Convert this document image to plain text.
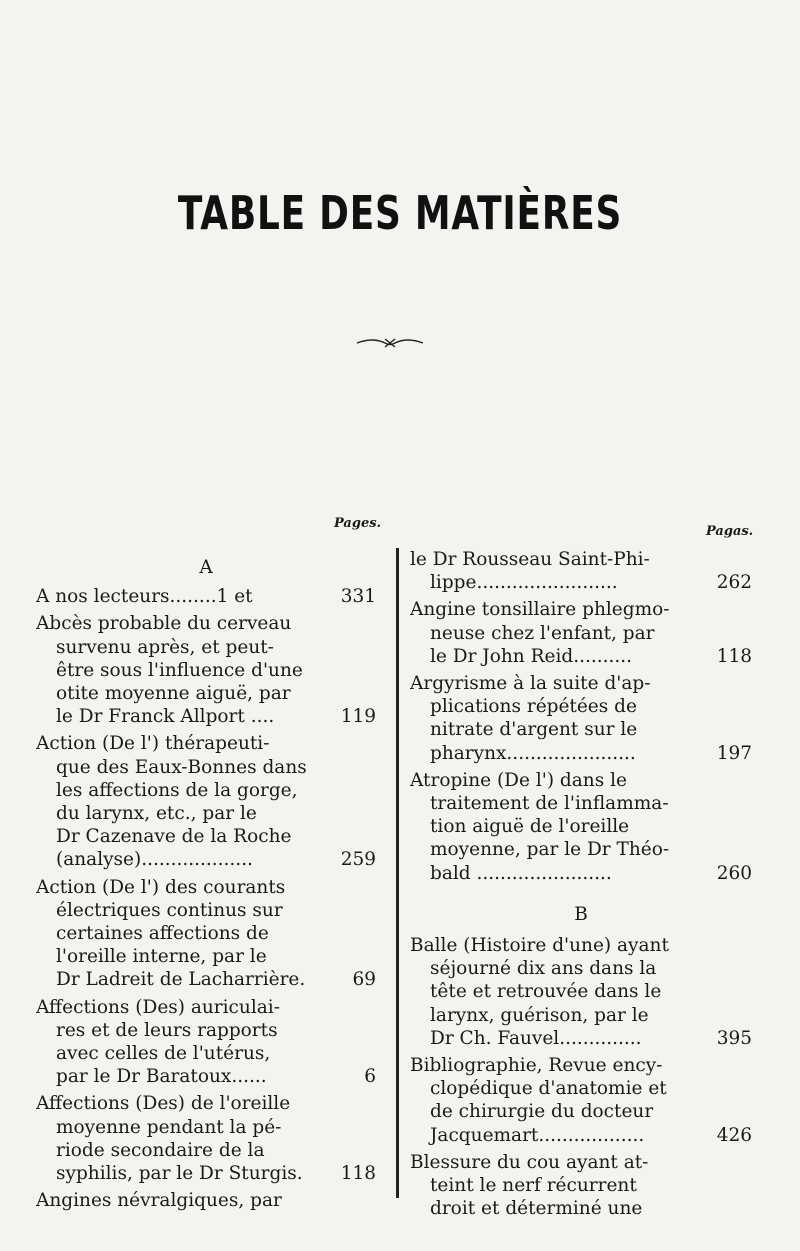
TABLE DES MATIÈRES
Pages.
Pagas.
A
331
A nos lecteurs........1 et
Abcès probable du cerveau
survenu après, et peut-
être sous l'influence d'une
otite moyenne aiguë, par
119
le Dr Franck Allport ....
Action (De l') thérapeuti-
que des Eaux-Bonnes dans
les affections de la gorge,
du larynx, etc., par le
Dr Cazenave de la Roche
259
(analyse)...................
Action (De l') des courants
électriques continus sur
certaines affections de
l'oreille interne, par le
69
Dr Ladreit de Lacharrière.
Affections (Des) auriculai-
res et de leurs rapports
avec celles de l'utérus,
6
par le Dr Baratoux......
Affections (Des) de l'oreille
moyenne pendant la pé-
riode secondaire de la
118
syphilis, par le Dr Sturgis.
Angines névralgiques, par
le Dr Rousseau Saint-Phi-
262
lippe........................
Angine tonsillaire phlegmo-
neuse chez l'enfant, par
118
le Dr John Reid..........
Argyrisme à la suite d'ap-
plications répétées de
nitrate d'argent sur le
197
pharynx......................
Atropine (De l') dans le
traitement de l'inflamma-
tion aiguë de l'oreille
moyenne, par le Dr Théo-
260
bald .......................
B
Balle (Histoire d'une) ayant
séjourné dix ans dans la
tête et retrouvée dans le
larynx, guérison, par le
395
Dr Ch. Fauvel..............
Bibliographie, Revue ency-
clopédique d'anatomie et
de chirurgie du docteur
426
Jacquemart..................
Blessure du cou ayant at-
teint le nerf récurrent
droit et déterminé une
